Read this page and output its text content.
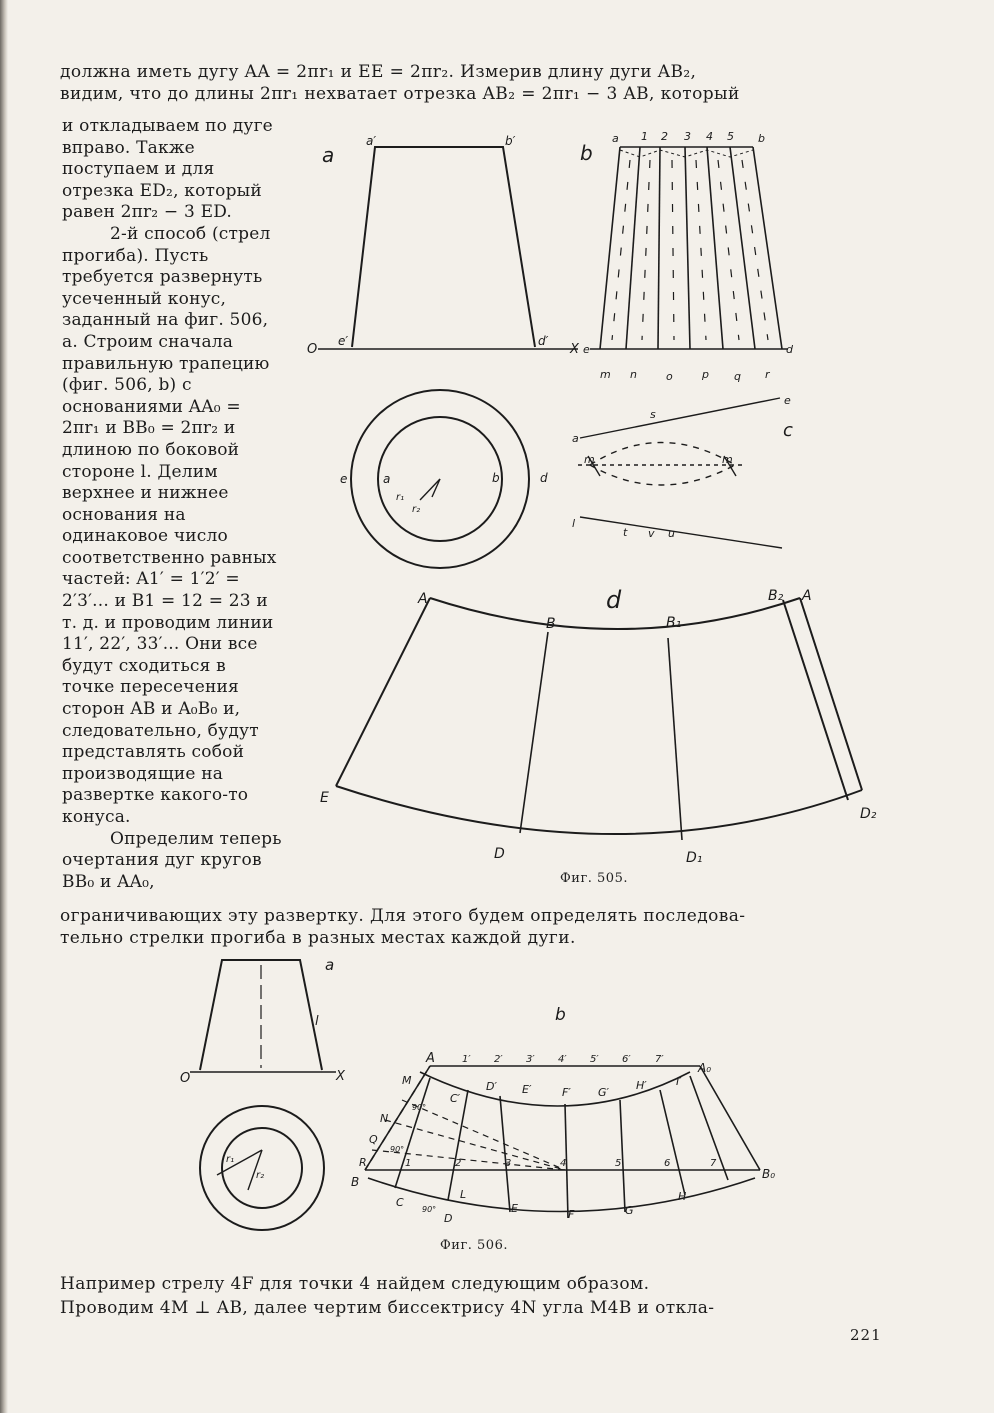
должна иметь дугу AA = 2πr₁ и EE = 2πr₂. Измерив длину дуги AB₂,
видим, что до длины 2πr₁ нехватает отрезка AB₂ = 2πr₁ − 3 AB, который

и откладываем по дуге вправо. Также поступаем и для отрезка ED₂, который равен 2πr₂ − 3 ED.

2-й способ (стрел прогиба). Пусть требуется развернуть усеченный конус, заданный на фиг. 506, a. Строим сначала правильную трапецию (фиг. 506, b) с основаниями AA₀ = 2πr₁ и BB₀ = 2πr₂ и длиною по боковой стороне l. Делим верхнее и нижнее основания на одинаковое число соответственно равных частей: A1′ = 1′2′ = 2′3′... и B1 = 12 = 23 и т. д. и проводим линии 11′, 22′, 33′... Они все будут сходиться в точке пересечения сторон AB и A₀B₀ и, следовательно, будут представлять собой производящие на развертке какого-то конуса.

Определим теперь очертания дуг кругов BB₀ и AA₀,

a
a′	b′
e′	d′
O	X
b
a 1 2 3 4 5 b
e	d
m n	o	p q r
e	a	b	d
r₁
r₂
c
s
a
e
m	m
l
t v u
d
A
B	B₁
B₂ A
E
D	D₁
D₂
Фиг. 505.
ограничивающих эту развертку. Для этого будем определять последова-
тельно стрелки прогиба в разных местах каждой дуги.
a
l
O	X
r₁
r₂
b
A	1′ 2′ 3′ 4′ 5′ 6′ 7′
A₀
M
N
Q
R
B
B₀
1	2	3	4	5	6	7
C′
D′ E′	F′ G′
H′	I′
C
L
D
E	F	G
H
90°
90°
90°
Фиг. 506.
Например стрелу 4F для точки 4 найдем следующим образом.
Проводим 4M ⊥ AB, далее чертим биссектрису 4N угла M4B и откла-
221
